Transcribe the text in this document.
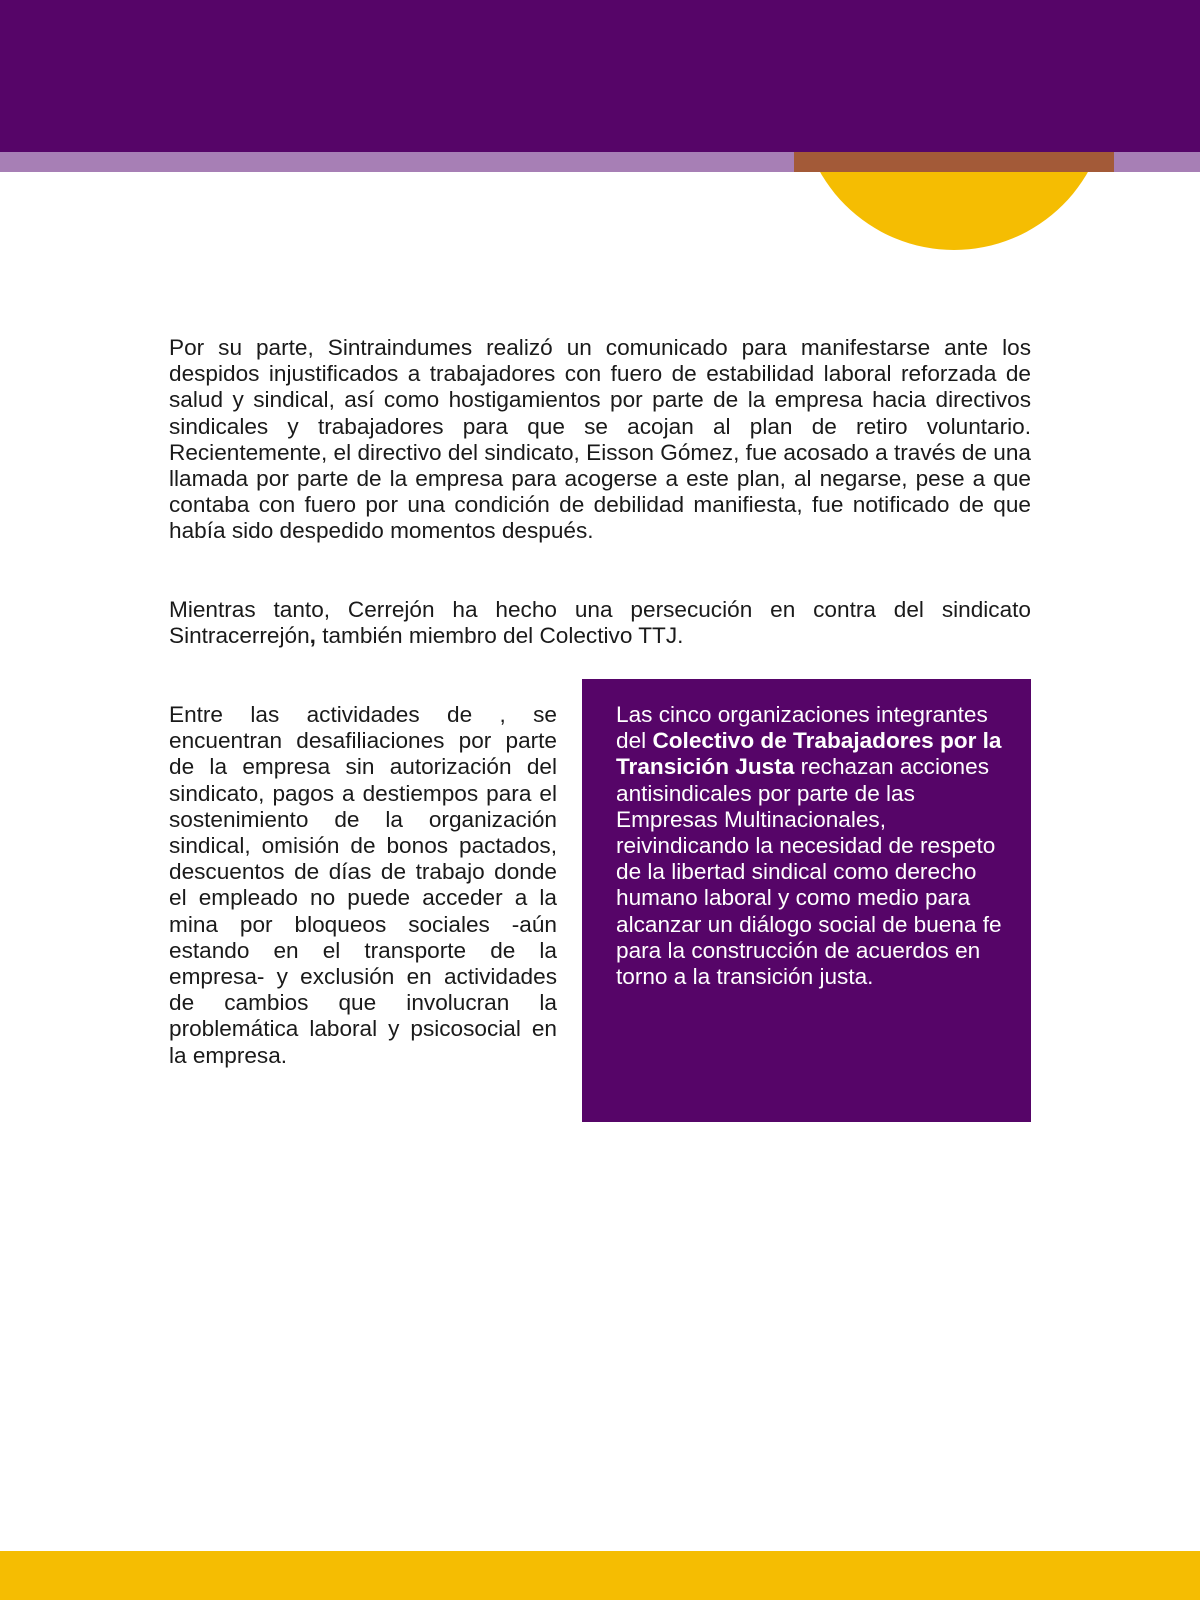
Por su parte, Sintraindumes realizó un comunicado para manifestarse ante los despidos injustificados a trabajadores con fuero de estabilidad laboral reforzada de salud y sindical, así como hostigamientos por parte de la empresa hacia directivos sindicales y trabajadores para que se acojan al plan de retiro voluntario. Recientemente, el directivo del sindicato, Eisson Gómez, fue acosado a través de una llamada por parte de la empresa para acogerse a este plan, al negarse, pese a que contaba con fuero por una condición de debilidad manifiesta, fue notificado de que había sido despedido momentos después.

Mientras tanto, Cerrejón ha hecho una persecución en contra del sindicato Sintracerrejón, también miembro del Colectivo TTJ.

Entre las actividades de , se encuentran desafiliaciones por parte de la empresa sin autorización del sindicato, pagos a destiempos para el sostenimiento de la organización sindical, omisión de bonos pactados, descuentos de días de trabajo donde el empleado no puede acceder a la mina por bloqueos sociales -aún estando en el transporte de la empresa- y exclusión en actividades de cambios que involucran la problemática laboral y psicosocial en la empresa.

Las cinco organizaciones integrantes del Colectivo de Trabajadores por la Transición Justa rechazan acciones antisindicales por parte de las Empresas Multinacionales, reivindicando la necesidad de respeto de la libertad sindical como derecho humano laboral y como medio para alcanzar un diálogo social de buena fe para la construcción de acuerdos en torno a la transición justa.
